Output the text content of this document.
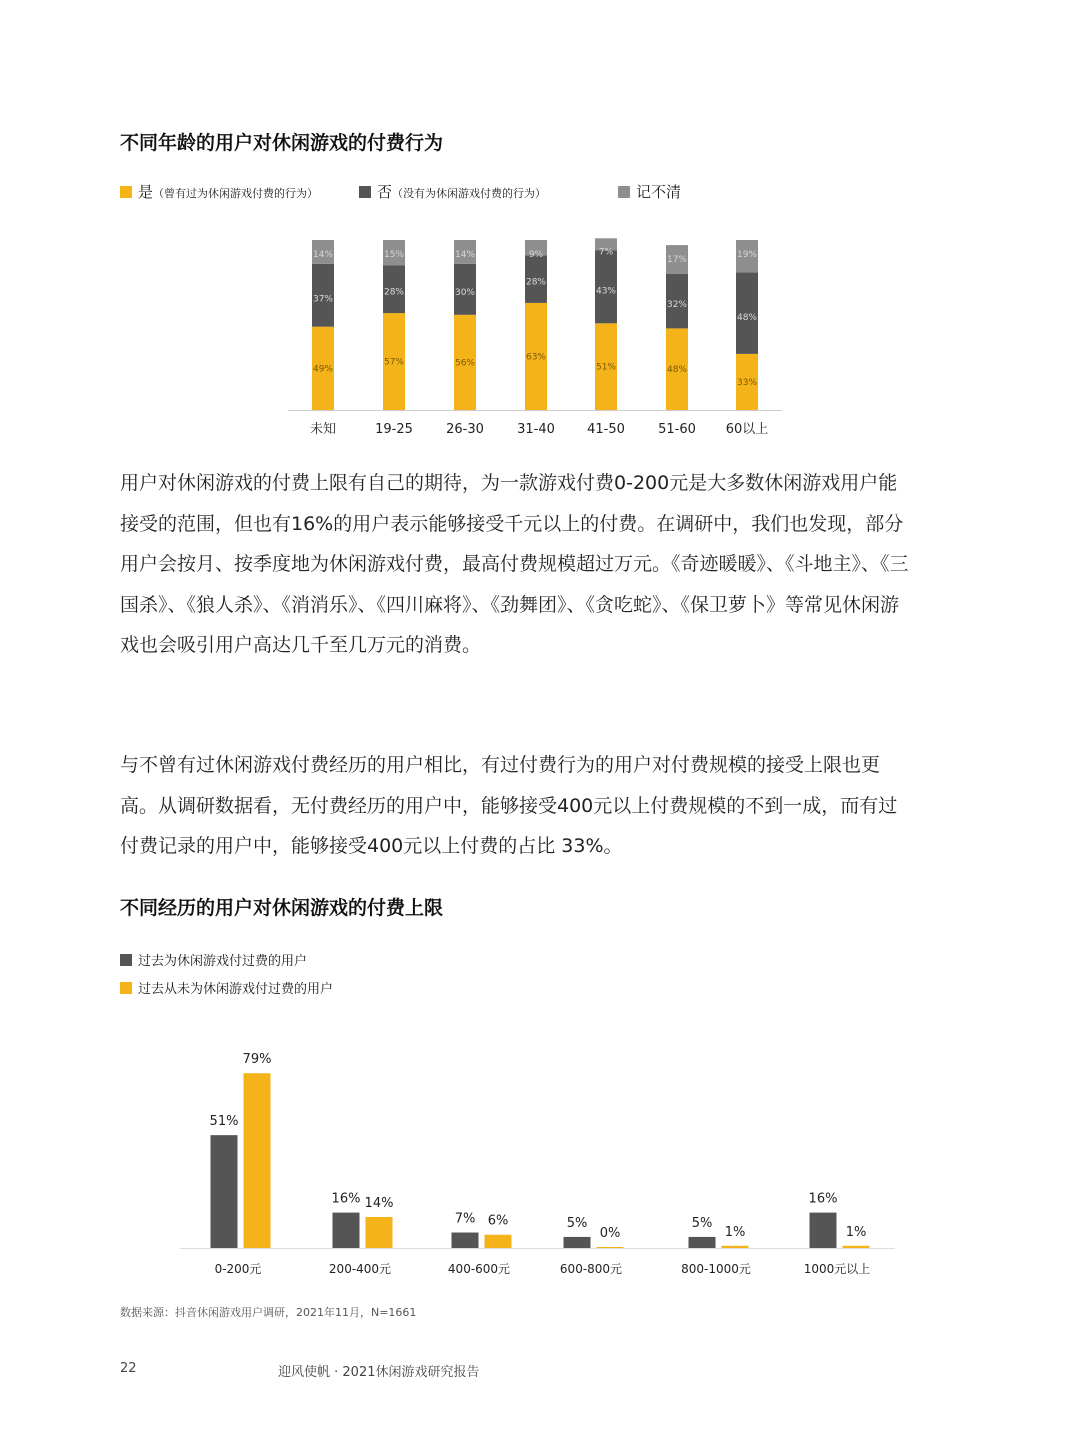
不同年龄的用户对休闲游戏的付费行为
是（曾有过为休闲游戏付费的行为）	否（没有为休闲游戏付费的行为）	记不清
49%
37%
14%
未知
57%
28%
15%
19-25
56%
30%
14%
26-30
63%
28%
9%
31-40
51%
43%
7%
41-50
48%
32%
17%
51-60
33%
48%
19%
60以上

用户对休闲游戏的付费上限有自己的期待，为一款游戏付费0-200元是大多数休闲游戏用户能接受的范围，但也有16%的用户表示能够接受千元以上的付费。在调研中，我们也发现，部分用户会按月、按季度地为休闲游戏付费，最高付费规模超过万元。《奇迹暖暖》、《斗地主》、《三国杀》、《狼人杀》、《消消乐》、《四川麻将》、《劲舞团》、《贪吃蛇》、《保卫萝卜》等常见休闲游戏也会吸引用户高达几千至几万元的消费。

与不曾有过休闲游戏付费经历的用户相比，有过付费行为的用户对付费规模的接受上限也更高。从调研数据看，无付费经历的用户中，能够接受400元以上付费规模的不到一成，而有过付费记录的用户中，能够接受400元以上付费的占比 33%。

不同经历的用户对休闲游戏的付费上限
过去为休闲游戏付过费的用户
过去从未为休闲游戏付过费的用户
51%
79%
0-200元
16% 14%
200-400元
7% 6%
400-600元
5%
0%
600-800元
5%
1%
800-1000元
16%
1%
1000元以上
数据来源：抖音休闲游戏用户调研，2021年11月，N=1661
22	迎风使帆 · 2021休闲游戏研究报告
